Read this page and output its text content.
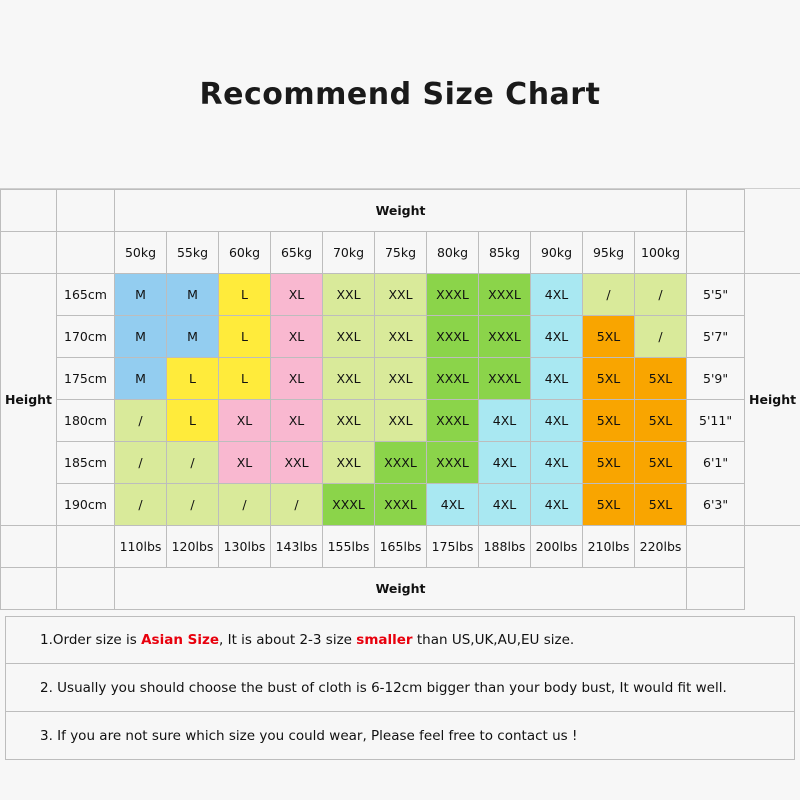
Recommend Size Chart
		Weight												
		50kg	55kg	60kg	65kg	70kg	75kg	80kg	85kg	90kg	95kg	100kg		
Height	165cm	M	M	L	XL	XXL	XXL	XXXL	XXXL	4XL	/	/	5'5"	Height
	170cm	M	M	L	XL	XXL	XXL	XXXL	XXXL	4XL	5XL	/	5'7"	
	175cm	M	L	L	XL	XXL	XXL	XXXL	XXXL	4XL	5XL	5XL	5'9"	
	180cm	/	L	XL	XL	XXL	XXL	XXXL	4XL	4XL	5XL	5XL	5'11"	
	185cm	/	/	XL	XXL	XXL	XXXL	XXXL	4XL	4XL	5XL	5XL	6'1"	
	190cm	/	/	/	/	XXXL	XXXL	4XL	4XL	4XL	5XL	5XL	6'3"	
		110lbs	120lbs	130lbs	143lbs	155lbs	165lbs	175lbs	188lbs	200lbs	210lbs	220lbs		
		Weight												
1.Order size is Asian Size, It is about 2-3 size smaller than US,UK,AU,EU size.
2. Usually you should choose the bust of cloth is 6-12cm bigger than your body bust, It would fit well.
3. If you are not sure which size you could wear, Please feel free to contact us !
